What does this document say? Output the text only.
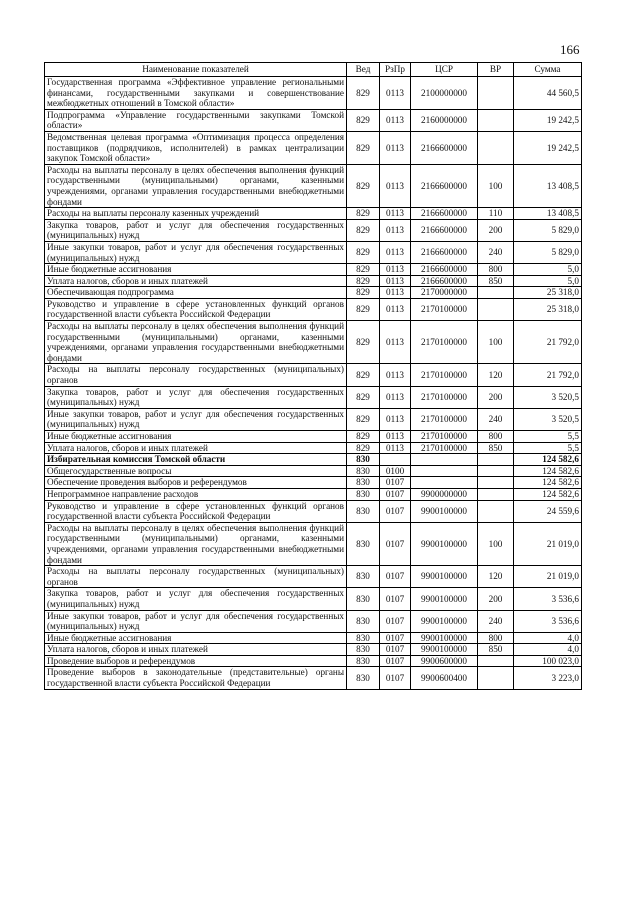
166
Наименование показателей	Вед	РзПр	ЦСР	ВР	Сумма
Государственная программа «Эффективное управление региональными финансами, государственными закупками и совершенствование межбюджетных отношений в Томской области»	829	0113	2100000000		44 560,5
Подпрограмма «Управление государственными закупками Томской области»	829	0113	2160000000		19 242,5
Ведомственная целевая программа «Оптимизация процесса определения поставщиков (подрядчиков, исполнителей) в рамках централизации закупок Томской области»	829	0113	2166600000		19 242,5
Расходы на выплаты персоналу в целях обеспечения выполнения функций государственными (муниципальными) органами, казенными учреждениями, органами управления государственными внебюджетными фондами	829	0113	2166600000	100	13 408,5
Расходы на выплаты персоналу казенных учреждений	829	0113	2166600000	110	13 408,5
Закупка товаров, работ и услуг для обеспечения государственных (муниципальных) нужд	829	0113	2166600000	200	5 829,0
Иные закупки товаров, работ и услуг для обеспечения государственных (муниципальных) нужд	829	0113	2166600000	240	5 829,0
Иные бюджетные ассигнования	829	0113	2166600000	800	5,0
Уплата налогов, сборов и иных платежей	829	0113	2166600000	850	5,0
Обеспечивающая подпрограмма	829	0113	2170000000		25 318,0
Руководство и управление в сфере установленных функций органов государственной власти субъекта Российской Федерации	829	0113	2170100000		25 318,0
Расходы на выплаты персоналу в целях обеспечения выполнения функций государственными (муниципальными) органами, казенными учреждениями, органами управления государственными внебюджетными фондами	829	0113	2170100000	100	21 792,0
Расходы на выплаты персоналу государственных (муниципальных) органов	829	0113	2170100000	120	21 792,0
Закупка товаров, работ и услуг для обеспечения государственных (муниципальных) нужд	829	0113	2170100000	200	3 520,5
Иные закупки товаров, работ и услуг для обеспечения государственных (муниципальных) нужд	829	0113	2170100000	240	3 520,5
Иные бюджетные ассигнования	829	0113	2170100000	800	5,5
Уплата налогов, сборов и иных платежей	829	0113	2170100000	850	5,5
Избирательная комиссия Томской области	830				124 582,6
Общегосударственные вопросы	830	0100			124 582,6
Обеспечение проведения выборов и референдумов	830	0107			124 582,6
Непрограммное направление расходов	830	0107	9900000000		124 582,6
Руководство и управление в сфере установленных функций органов государственной власти субъекта Российской Федерации	830	0107	9900100000		24 559,6
Расходы на выплаты персоналу в целях обеспечения выполнения функций государственными (муниципальными) органами, казенными учреждениями, органами управления государственными внебюджетными фондами	830	0107	9900100000	100	21 019,0
Расходы на выплаты персоналу государственных (муниципальных) органов	830	0107	9900100000	120	21 019,0
Закупка товаров, работ и услуг для обеспечения государственных (муниципальных) нужд	830	0107	9900100000	200	3 536,6
Иные закупки товаров, работ и услуг для обеспечения государственных (муниципальных) нужд	830	0107	9900100000	240	3 536,6
Иные бюджетные ассигнования	830	0107	9900100000	800	4,0
Уплата налогов, сборов и иных платежей	830	0107	9900100000	850	4,0
Проведение выборов и референдумов	830	0107	9900600000		100 023,0
Проведение выборов в законодательные (представительные) органы государственной власти субъекта Российской Федерации	830	0107	9900600400		3 223,0
